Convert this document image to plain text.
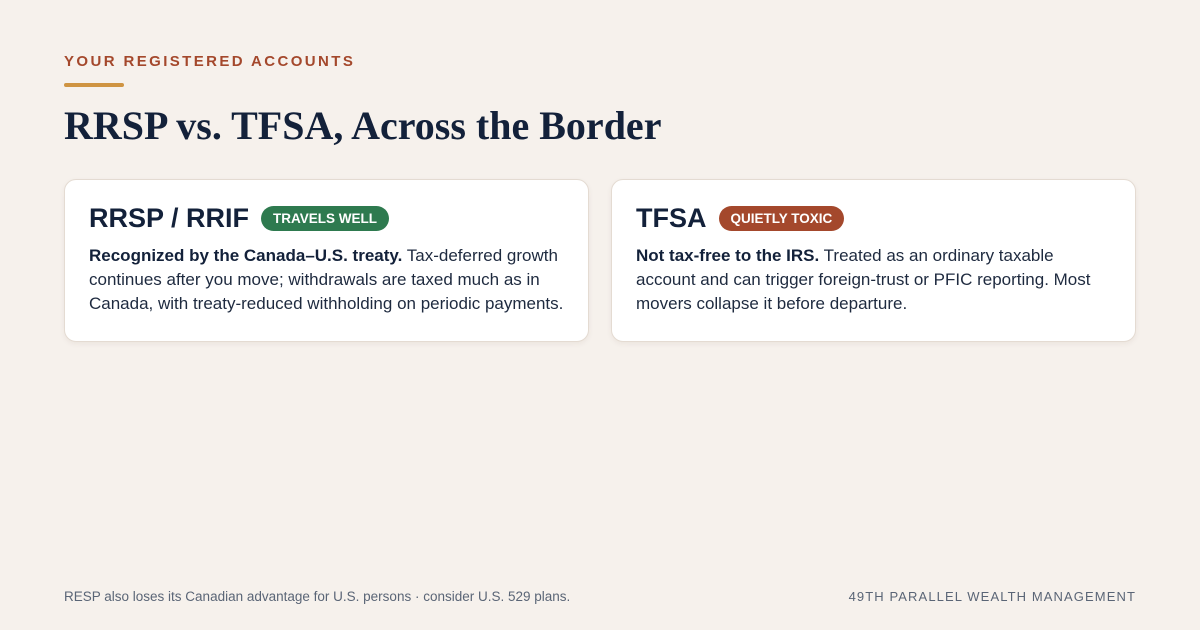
YOUR REGISTERED ACCOUNTS
RRSP vs. TFSA, Across the Border
RRSP / RRIF	TRAVELS WELL

Recognized by the Canada–U.S. treaty. Tax-deferred growth continues after you move; withdrawals are taxed much as in Canada, with treaty-reduced withholding on periodic payments.

TFSA	QUIETLY TOXIC

Not tax-free to the IRS. Treated as an ordinary taxable account and can trigger foreign-trust or PFIC reporting. Most movers collapse it before departure.

RESP also loses its Canadian advantage for U.S. persons · consider U.S. 529 plans.	49TH PARALLEL WEALTH MANAGEMENT
